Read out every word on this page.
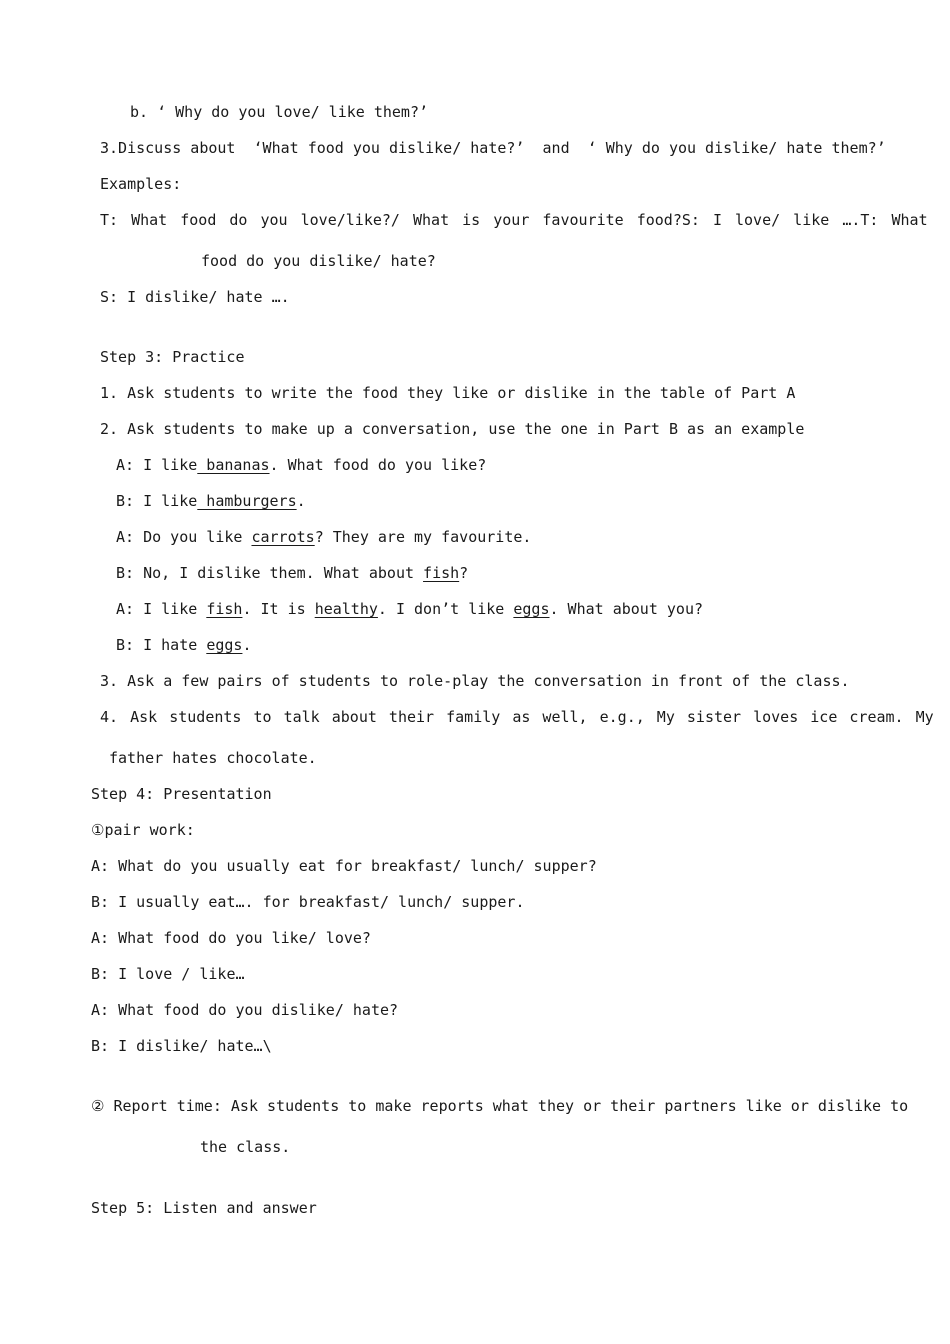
b. ‘ Why do you love/ like them?’
3.Discuss about  ‘What food you dislike/ hate?’  and  ‘ Why do you dislike/ hate them?’
Examples:
T: What food do you love/like?/ What is your favourite food?S: I love/ like ….T: What
food do you dislike/ hate?
S: I dislike/ hate ….
Step 3: Practice
1. Ask students to write the food they like or dislike in the table of Part A
2. Ask students to make up a conversation, use the one in Part B as an example
A: I like bananas. What food do you like?
B: I like hamburgers.
A: Do you like carrots? They are my favourite.
B: No, I dislike them. What about fish?
A: I like fish. It is healthy. I don’t like eggs. What about you?
B: I hate eggs.
3. Ask a few pairs of students to role-play the conversation in front of the class.
4. Ask students to talk about their family as well, e.g., My sister loves ice cream. My
father hates chocolate.
Step 4: Presentation
①pair work:
A: What do you usually eat for breakfast/ lunch/ supper?
B: I usually eat…. for breakfast/ lunch/ supper.
A: What food do you like/ love?
B: I love / like…
A: What food do you dislike/ hate?
B: I dislike/ hate…\
② Report time: Ask students to make reports what they or their partners like or dislike to
the class.
Step 5: Listen and answer
